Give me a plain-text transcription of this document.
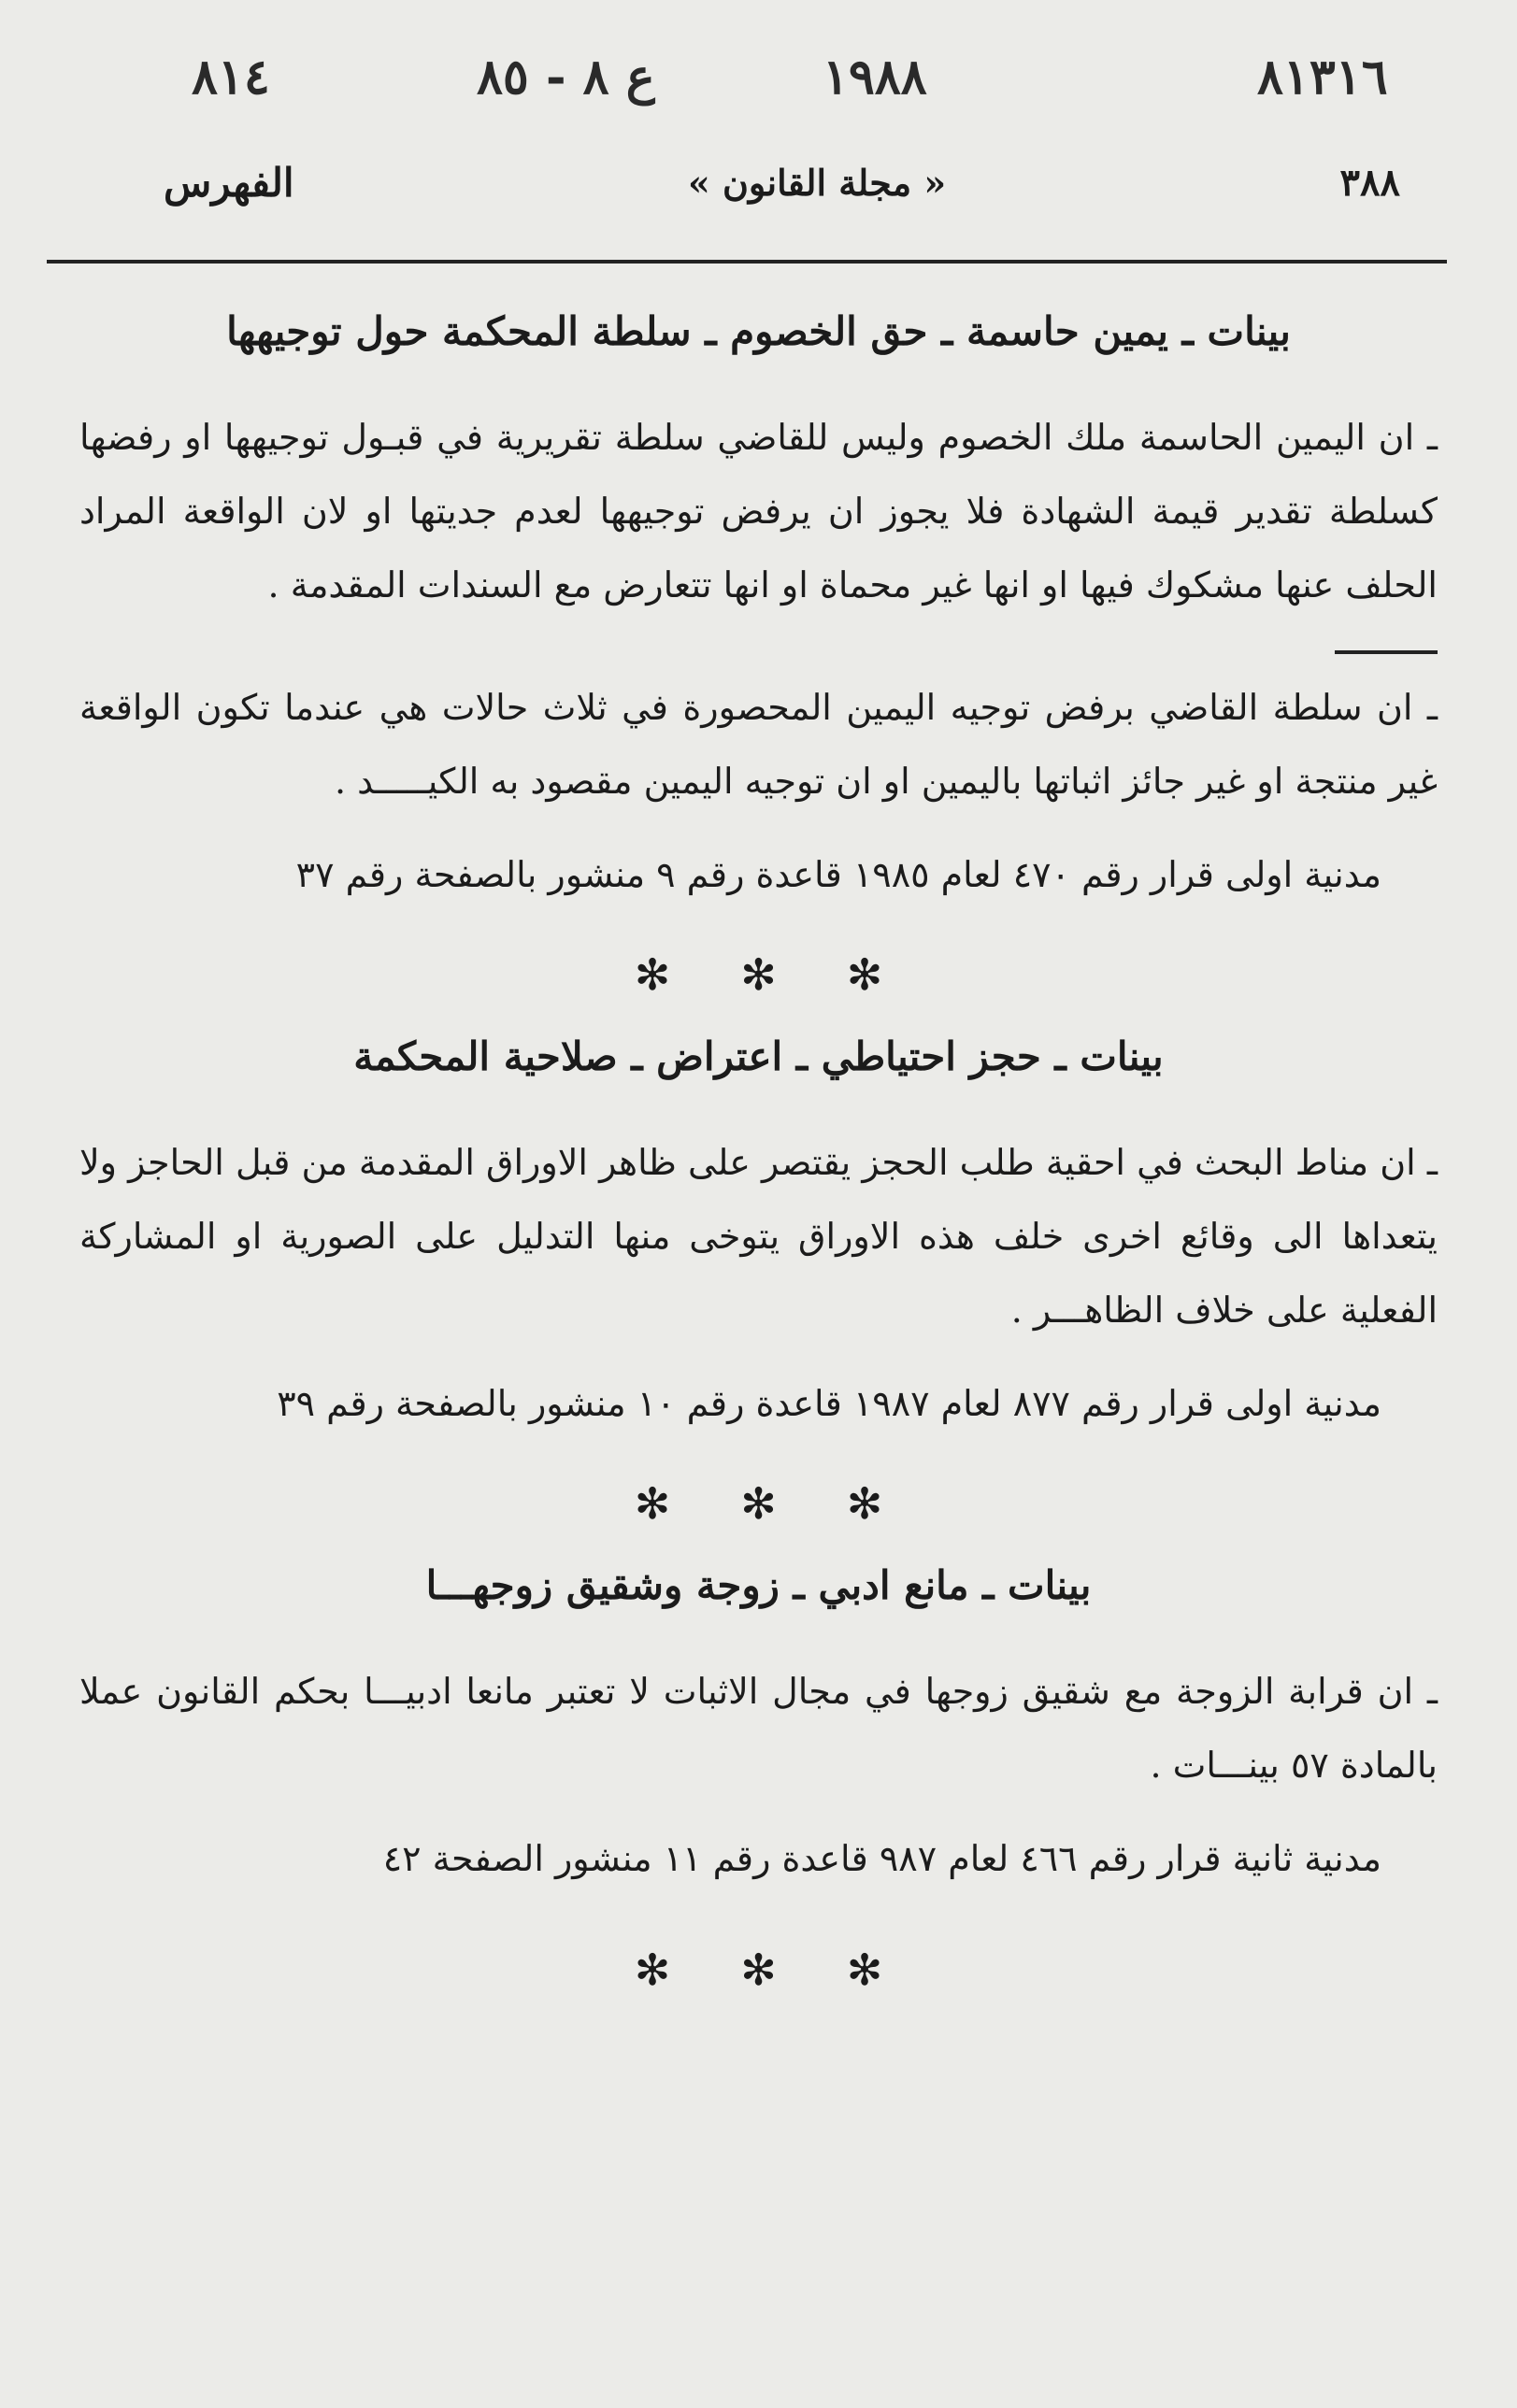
٨١٣١٦
١٩٨٨
ع ٨ - ٨٥
٨١٤
٣٨٨
« مجلة القانون »
الفهرس
بينات ـ يمين حاسمة ـ حق الخصوم ـ سلطة المحكمة حول توجيهها

ـ ان اليمين الحاسمة ملك الخصوم وليس للقاضي سلطة تقريرية في قبـول توجيهها او رفضها كسلطة تقدير قيمة الشهادة فلا يجوز ان يرفض توجيهها لعدم جديتها او لان الواقعة المراد الحلف عنها مشكوك فيها او انها غير محماة او انها تتعارض مع السندات المقدمة .

ـ ان سلطة القاضي برفض توجيه اليمين المحصورة في ثلاث حالات هي عندما تكون الواقعة غير منتجة او غير جائز اثباتها باليمين او ان توجيه اليمين مقصود به الكيـــــد .

مدنية اولى قرار رقم ٤٧٠ لعام ١٩٨٥ قاعدة رقم ٩ منشور بالصفحة رقم ٣٧

✻
✻
✻
بينات ـ حجز احتياطي ـ اعتراض ـ صلاحية المحكمة

ـ ان مناط البحث في احقية طلب الحجز يقتصر على ظاهر الاوراق المقدمة من قبل الحاجز ولا يتعداها الى وقائع اخرى خلف هذه الاوراق يتوخى منها التدليل على الصورية او المشاركة الفعلية على خلاف الظاهـــر .

مدنية اولى قرار رقم ٨٧٧ لعام ١٩٨٧ قاعدة رقم ١٠ منشور بالصفحة رقم ٣٩

✻
✻
✻
بينات ـ مانع ادبي ـ زوجة وشقيق زوجهـــا

ـ ان قرابة الزوجة مع شقيق زوجها في مجال الاثبات لا تعتبر مانعا ادبيـــا بحكم القانون عملا بالمادة ٥٧ بينـــات .

مدنية ثانية قرار رقم ٤٦٦ لعام ٩٨٧ قاعدة رقم ١١ منشور الصفحة ٤٢

✻
✻
✻
